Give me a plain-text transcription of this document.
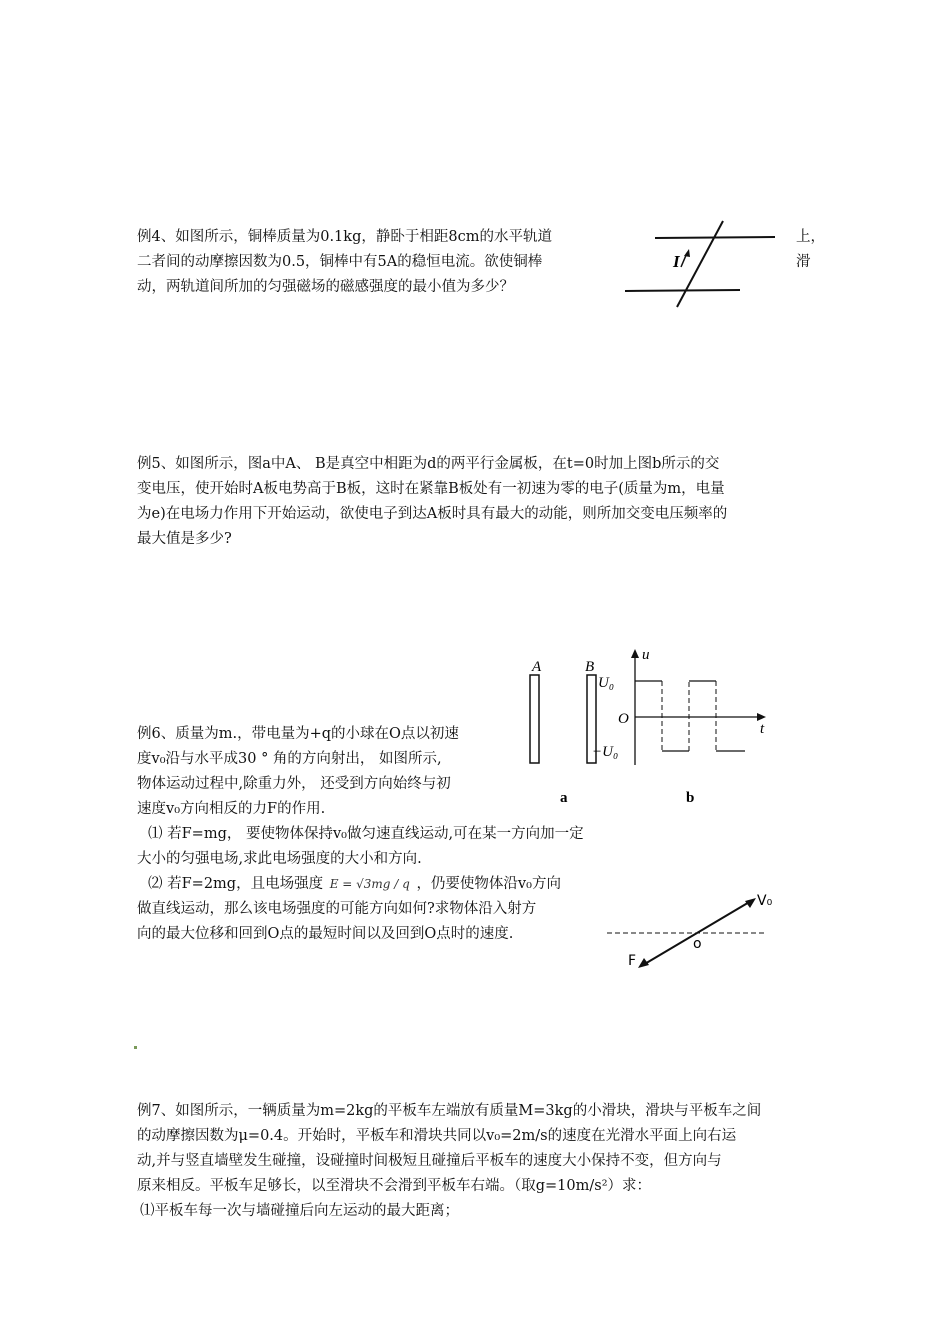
例4、如图所示，铜棒质量为0.1kg，静卧于相距8cm的水平轨道	上，
二者间的动摩擦因数为0.5，铜棒中有5A的稳恒电流。欲使铜棒	滑
动，两轨道间所加的匀强磁场的磁感强度的最小值为多少？
I
例5、如图所示，图a中A、 B是真空中相距为d的两平行金属板，在t=0时加上图b所示的交
变电压，使开始时A板电势高于B板，这时在紧靠B板处有一初速为零的电子(质量为m，电量
为e)在电场力作用下开始运动，欲使电子到达A板时具有最大的动能，则所加交变电压频率的
最大值是多少?
A	B
u
t
U₀
O
−U₀
a	b
例6、质量为m.，带电量为+q的小球在O点以初速
度v₀沿与水平成30 ° 角的方向射出， 如图所示,
物体运动过程中,除重力外， 还受到方向始终与初
速度v₀方向相反的力F的作用.
⑴ 若F=mg， 要使物体保持v₀做匀速直线运动,可在某一方向加一定
大小的匀强电场,求此电场强度的大小和方向.
⑵ 若F=2mg，且电场强度 E = √3mg / q ，仍要使物体沿v₀方向
做直线运动，那么该电场强度的可能方向如何?求物体沿入射方
向的最大位移和回到O点的最短时间以及回到O点时的速度.
V₀
F
o
例7、如图所示，一辆质量为m=2kg的平板车左端放有质量M=3kg的小滑块，滑块与平板车之间
的动摩擦因数为μ=0.4。开始时，平板车和滑块共同以v₀=2m/s的速度在光滑水平面上向右运
动,并与竖直墙壁发生碰撞，设碰撞时间极短且碰撞后平板车的速度大小保持不变，但方向与
原来相反。平板车足够长，以至滑块不会滑到平板车右端。（取g=10m/s²）求：
⑴平板车每一次与墙碰撞后向左运动的最大距离；
